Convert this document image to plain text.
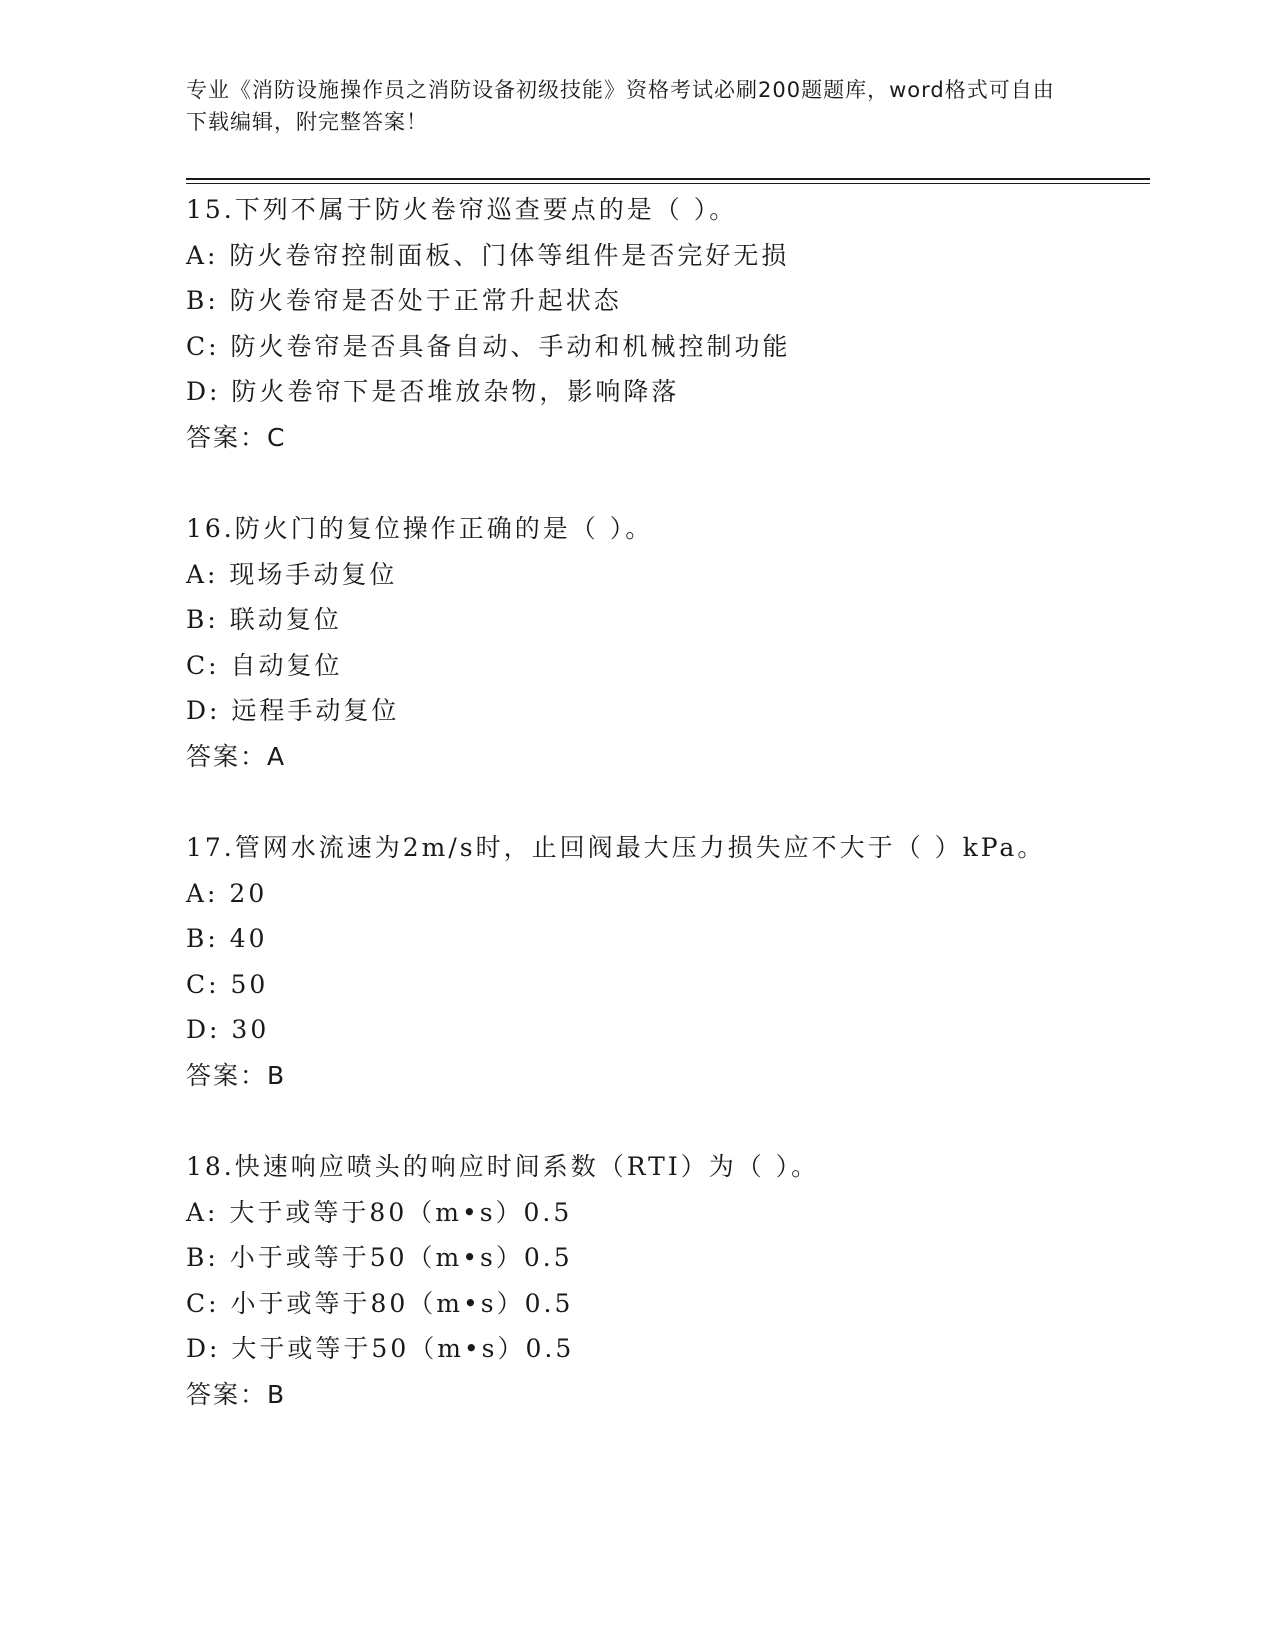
专业《消防设施操作员之消防设备初级技能》资格考试必刷200题题库，word格式可自由下载编辑，附完整答案！
15.下列不属于防火卷帘巡查要点的是（ ）。
A: 防火卷帘控制面板、门体等组件是否完好无损
B: 防火卷帘是否处于正常升起状态
C: 防火卷帘是否具备自动、手动和机械控制功能
D: 防火卷帘下是否堆放杂物，影响降落
答案：C
16.防火门的复位操作正确的是（ ）。
A: 现场手动复位
B: 联动复位
C: 自动复位
D: 远程手动复位
答案：A
17.管网水流速为2m/s时，止回阀最大压力损失应不大于（ ）kPa。
A: 20
B: 40
C: 50
D: 30
答案：B
18.快速响应喷头的响应时间系数（RTI）为（ ）。
A: 大于或等于80（m•s）0.5
B: 小于或等于50（m•s）0.5
C: 小于或等于80（m•s）0.5
D: 大于或等于50（m•s）0.5
答案：B
